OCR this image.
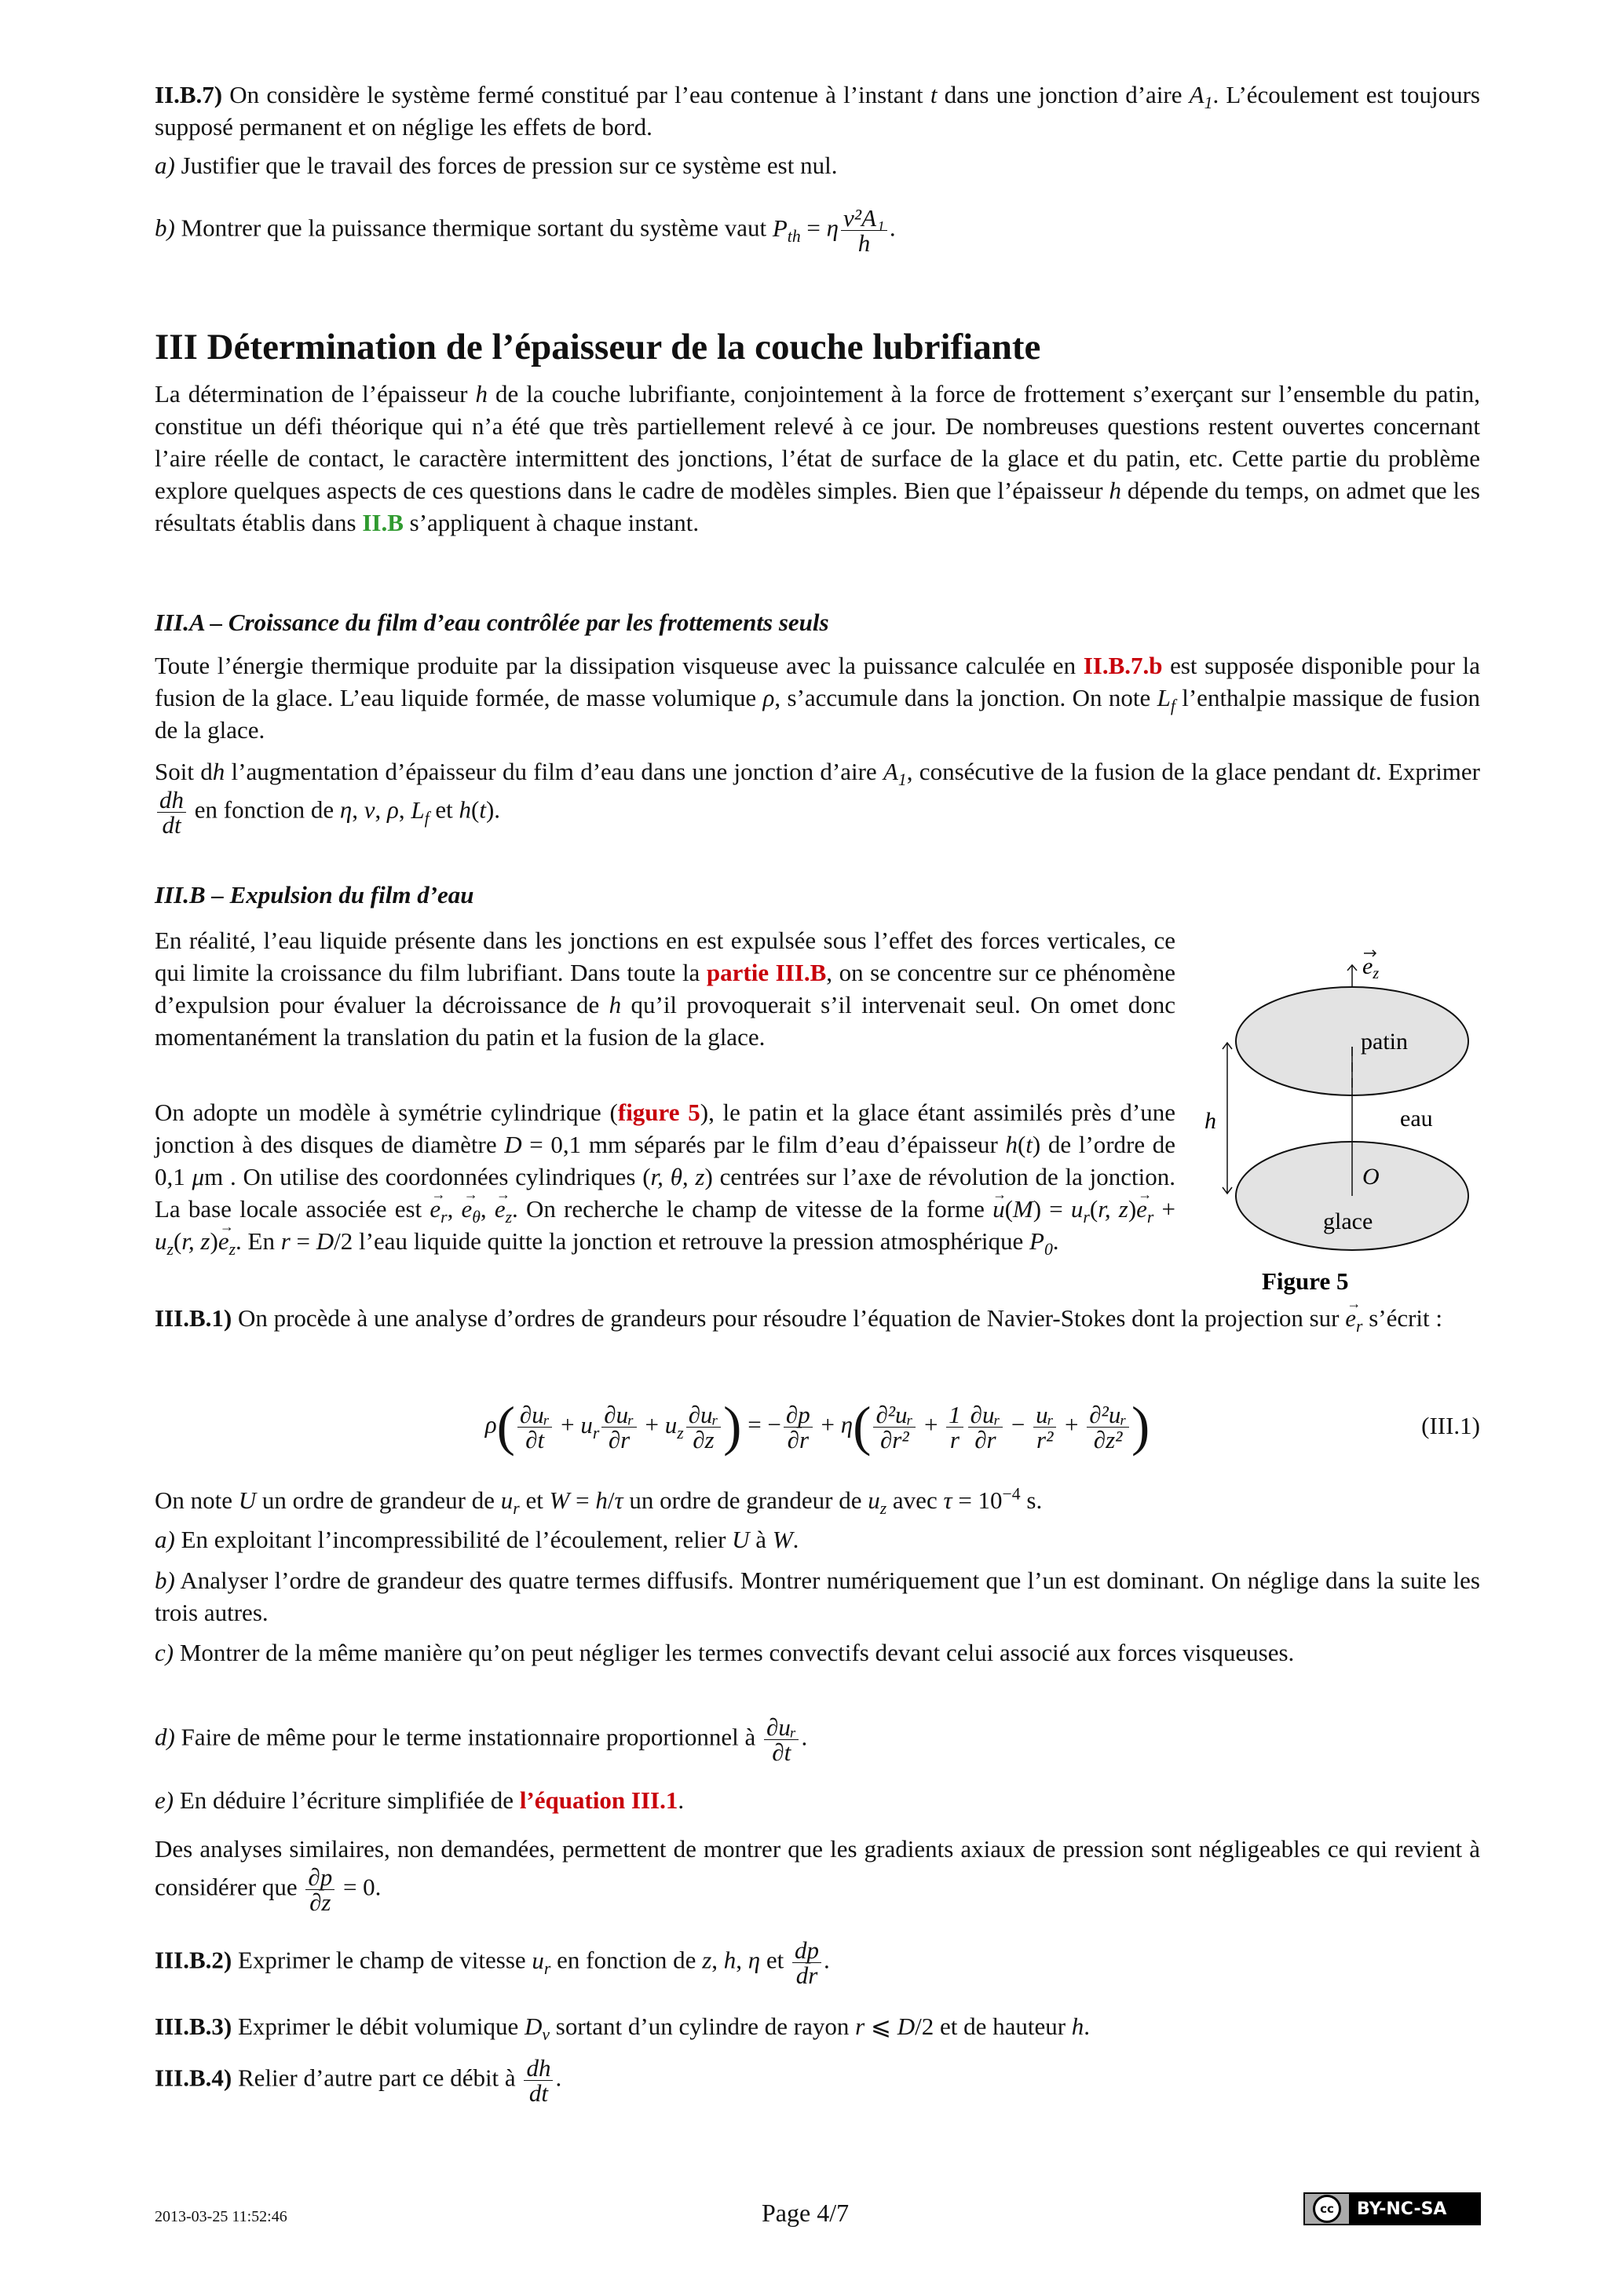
II.B.7) On considère le système fermé constitué par l’eau contenue à l’instant t dans une jonction d’aire $A_1$. L’écoulement est toujours supposé permanent et on néglige les effets de bord.
a) Justifier que le travail des forces de pression sur ce système est nul.
b) Montrer que la puissance thermique sortant du système vaut $P_{th} = \eta \frac{\text{v²A₁}}{h}$ .
III Détermination de l’épaisseur de la couche lubrifiante
La détermination de l’épaisseur h de la couche lubrifiante, conjointement à la force de frottement s’exerçant sur l’ensemble du patin, constitue un défi théorique qui n’a été que très partiellement relevé à ce jour. De nombreuses questions restent ouvertes concernant l’aire réelle de contact, le caractère intermittent des jonctions, l’état de surface de la glace et du patin, etc. Cette partie du problème explore quelques aspects de ces questions dans le cadre de modèles simples. Bien que l’épaisseur h dépende du temps, on admet que les résultats établis dans II.B s’appliquent à chaque instant.
III.A – Croissance du film d’eau contrôlée par les frottements seuls
Toute l’énergie thermique produite par la dissipation visqueuse avec la puissance calculée en II.B.7.b est supposée disponible pour la fusion de la glace. L’eau liquide formée, de masse volumique ρ, s’accumule dans la jonction. On note $L_f$ l’enthalpie massique de fusion de la glace.
Soit dh l’augmentation d’épaisseur du film d’eau dans une jonction d’aire $A_1$, consécutive de la fusion de la glace pendant dt. Exprimer
$\frac{dh}{dt}$ en fonction de η, v, ρ, $L_f$ et h(t).
III.B – Expulsion du film d’eau
En réalité, l’eau liquide présente dans les jonctions en est expulsée sous l’effet des forces verticales, ce qui limite la croissance du film lubrifiant. Dans toute la partie III.B, on se concentre sur ce phénomène d’expulsion pour évaluer la décroissance de h qu’il provoquerait s’il intervenait seul. On omet donc momentanément la translation du patin et la fusion de la glace.
On adopte un modèle à symétrie cylindrique (figure 5), le patin et la glace étant assimilés près d’une jonction à des disques de diamètre D = 0,1 mm séparés par le film d’eau d’épaisseur h(t) de l’ordre de 0,1 μm . On utilise des coordonnées cylindriques (r, θ, z) centrées sur l’axe de révolution de la jonction. La base locale associée est → $e_r$, → $e_\theta$, → $e_z$. On recherche le champ de vitesse de la forme → $u(M) = u_r(r$, $z)\to e_r + u_z(r$, $z)\to e_z$. En r = D/2 l’eau liquide quitte la jonction et retrouve la pression atmosphérique $P_0$.
$e_z$
patin
eau
h
O
glace
Figure 5
III.B.1) On procède à une analyse d’ordres de grandeurs pour résoudre l’équation de Navier-Stokes dont la projection sur → $e_r$ s’écrit :
$\rho( \frac{\text{∂uᵣ}}{\partial t} + u_r \frac{\text{∂uᵣ}}{\partial r} + u_z \frac{\text{∂uᵣ}}{\partial z}$ ) = − $\frac{\partial p}{\partial r} + \eta( \frac{\text{∂²uᵣ}}{\text{∂r²}} + \frac{1}{r} \frac{\text{∂uᵣ}}{\partial r} - \frac{\text{uᵣ}}{\text{r²}} + \frac{\text{∂²uᵣ}}{\text{∂z²}}$ )	(III.1)
On note U un ordre de grandeur de $u_r$ et W = h/τ un ordre de grandeur de $u_z$ avec $\tau = 10^{-4}$ s.
a) En exploitant l’incompressibilité de l’écoulement, relier U à W.
b) Analyser l’ordre de grandeur des quatre termes diffusifs. Montrer numériquement que l’un est dominant. On néglige dans la suite les trois autres.
c) Montrer de la même manière qu’on peut négliger les termes convectifs devant celui associé aux forces visqueuses.
d) Faire de même pour le terme instationnaire proportionnel à $\frac{\text{∂uᵣ}}{\partial t}$ .
e) En déduire l’écriture simplifiée de l’équation III.1.
Des analyses similaires, non demandées, permettent de montrer que les gradients axiaux de pression sont négligeables ce qui revient à considérer que $\frac{\partial p}{\partial z} = 0$.
III.B.2) Exprimer le champ de vitesse $u_r$ en fonction de z, h, η et $\frac{dp}{dr}$ .
III.B.3) Exprimer le débit volumique $D_v$ sortant d’un cylindre de rayon r ⩽ D/2 et de hauteur h.
III.B.4) Relier d’autre part ce débit à $\frac{dh}{dt}$ .
2013-03-25 11:52:46	Page 4/7	cc	BY-NC-SA
